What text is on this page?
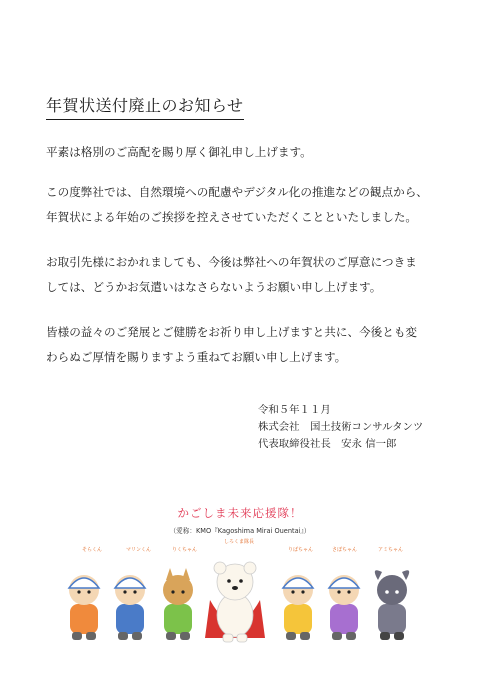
年賀状送付廃止のお知らせ
平素は格別のご高配を賜り厚く御礼申し上げます。
この度弊社では、自然環境への配慮やデジタル化の推進などの観点から、
年賀状による年始のご挨拶を控えさせていただくことといたしました。
お取引先様におかれましても、今後は弊社への年賀状のご厚意につきま
しては、どうかお気遣いはなさらないようお願い申し上げます。
皆様の益々のご発展とご健勝をお祈り申し上げますと共に、今後とも変
わらぬご厚情を賜りますよう重ねてお願い申し上げます。
令和５年１１月
株式会社　国土技術コンサルタンツ
代表取締役社長　安永 信一郎
かごしま未来応援隊！
（愛称：KMO『Kagoshima Mirai Ouentai』）
そらくん	マリンくん	りくちゃん
しろくま隊長
りばちゃん	さぼちゃん	アミちゃん
